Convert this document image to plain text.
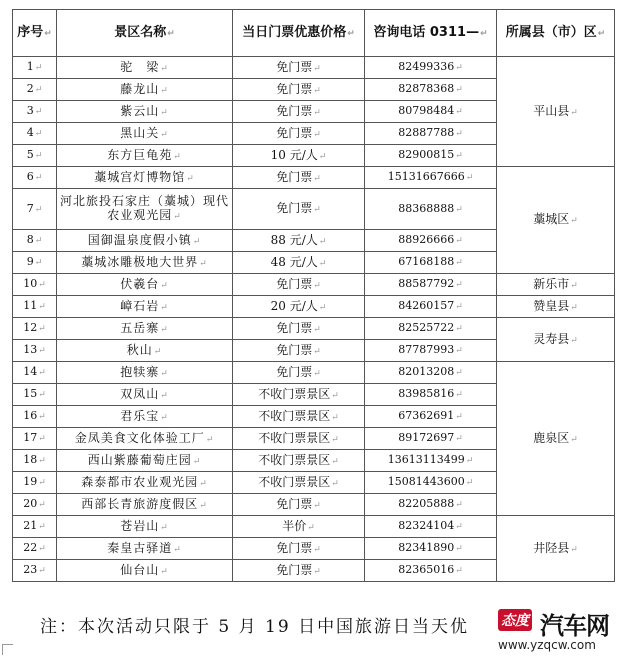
序号↵	景区名称↵	当日门票优惠价格↵	咨询电话 0311—↵	所属县（市）区↵
1↵	驼　梁↵	免门票↵	82499336↵	平山县↵
2↵	藤龙山↵	免门票↵	82878368↵	
3↵	紫云山↵	免门票↵	80798484↵	
4↵	黑山关↵	免门票↵	82887788↵	
5↵	东方巨龟苑↵	10 元/人↵	82900815↵	
6↵	藁城宫灯博物馆↵	免门票↵	15131667666↵	藁城区↵
7↵	河北旅投石家庄（藁城）现代农业观光园↵	免门票↵	88368888↵	
8↵	国御温泉度假小镇↵	88 元/人↵	88926666↵	
9↵	藁城冰雕极地大世界↵	48 元/人↵	67168188↵	
10↵	伏羲台↵	免门票↵	88587792↵	新乐市↵
11↵	嶂石岩↵	20 元/人↵	84260157↵	赞皇县↵
12↵	五岳寨↵	免门票↵	82525722↵	灵寿县↵
13↵	秋山↵	免门票↵	87787993↵	
14↵	抱犊寨↵	免门票↵	82013208↵	鹿泉区↵
15↵	双凤山↵	不收门票景区↵	83985816↵	
16↵	君乐宝↵	不收门票景区↵	67362691↵	
17↵	金凤美食文化体验工厂↵	不收门票景区↵	89172697↵	
18↵	西山紫藤葡萄庄园↵	不收门票景区↵	13613113499↵	
19↵	森泰都市农业观光园↵	不收门票景区↵	15081443600↵	
20↵	西部长青旅游度假区↵	免门票↵	82205888↵	
21↵	苍岩山↵	半价↵	82324104↵	井陉县↵
22↵	秦皇古驿道↵	免门票↵	82341890↵	
23↵	仙台山↵	免门票↵	82365016↵	
注：本次活动只限于 5 月 19 日中国旅游日当天优 态度 汽车网
www.yzqcw.com
